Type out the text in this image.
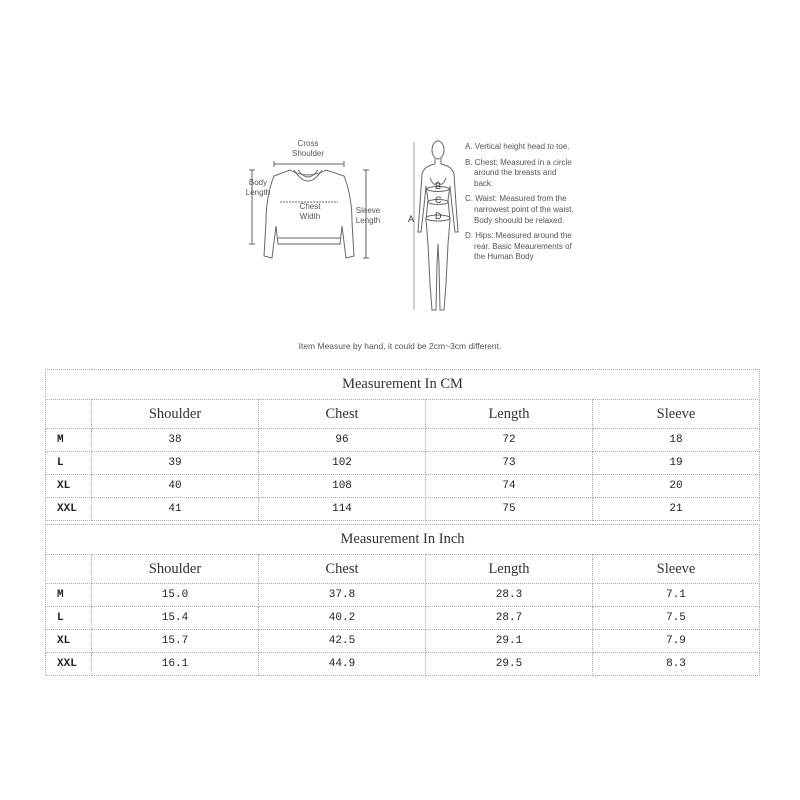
Cross
Shoulder
Body
Length
Chest
Width
Sleeve
Length	A
B
C
D
A. Vertical height head to toe.
B. Chest: Measured in a circle around the breasts and back.
C. Waist: Measured from the narrowest point of the waist. Body shoould be relaxed.
D. Hips: Measured around the rear. Basic Meaurements of the Human Body
Item Measure by hand, it could be 2cm~3cm different.
Measurement In CM				
	Shoulder	Chest	Length	Sleeve
M	38	96	72	18
L	39	102	73	19
XL	40	108	74	20
XXL	41	114	75	21
Measurement In Inch				
	Shoulder	Chest	Length	Sleeve
M	15.0	37.8	28.3	7.1
L	15.4	40.2	28.7	7.5
XL	15.7	42.5	29.1	7.9
XXL	16.1	44.9	29.5	8.3
